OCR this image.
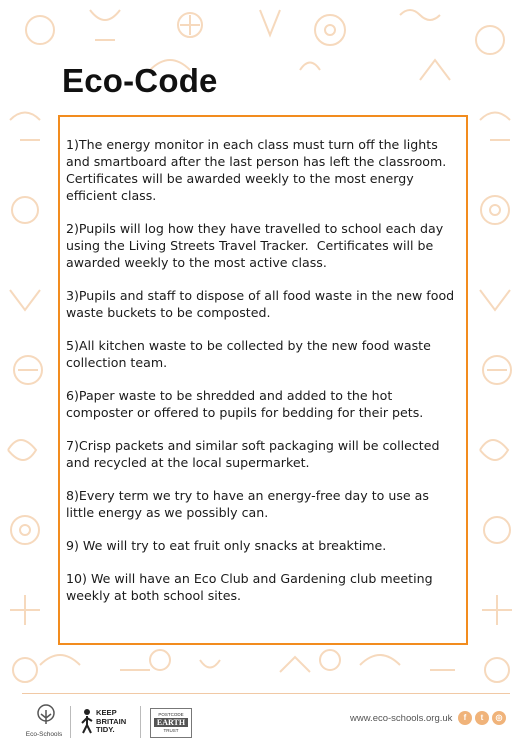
Eco-Code

1)The energy monitor in each class must turn off the lights and smartboard after the last person has left the classroom. Certificates will be awarded weekly to the most energy efficient class.

2)Pupils will log how they have travelled to school each day using the Living Streets Travel Tracker.  Certificates will be awarded weekly to the most active class.

3)Pupils and staff to dispose of all food waste in the new food waste buckets to be composted.

5)All kitchen waste to be collected by the new food waste collection team.

6)Paper waste to be shredded and added to the hot composter or offered to pupils for bedding for their pets.

7)Crisp packets and similar soft packaging will be collected and recycled at the local supermarket.

8)Every term we try to have an energy-free day to use as little energy as we possibly can.

9) We will try to eat fruit only snacks at breaktime.

10) We will have an Eco Club and Gardening club meeting weekly at both school sites.

Eco-Schools
KEEP
BRITAIN
TIDY.
POSTCODE
EARTH
TRUST
www.eco-schools.org.uk	f	t	◎
